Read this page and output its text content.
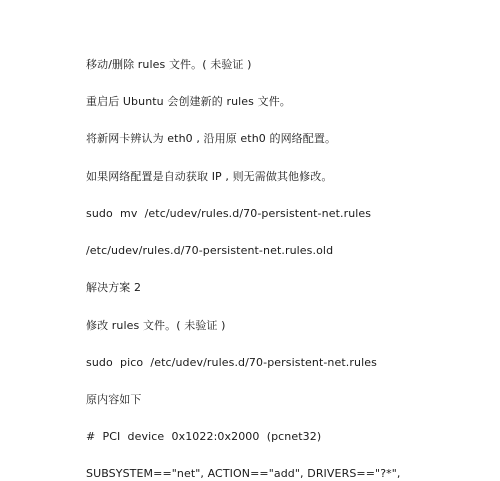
移动/删除 rules 文件。( 未验证 )
重启后 Ubuntu 会创建新的 rules 文件。
将新网卡辨认为 eth0 , 沿用原 eth0 的网络配置。
如果网络配置是自动获取 IP , 则无需做其他修改。
sudo  mv  /etc/udev/rules.d/70-persistent-net.rules
/etc/udev/rules.d/70-persistent-net.rules.old
解决方案 2
修改 rules 文件。( 未验证 )
sudo  pico  /etc/udev/rules.d/70-persistent-net.rules
原内容如下
#  PCI  device  0x1022:0x2000  (pcnet32)
SUBSYSTEM=="net", ACTION=="add", DRIVERS=="?*",
